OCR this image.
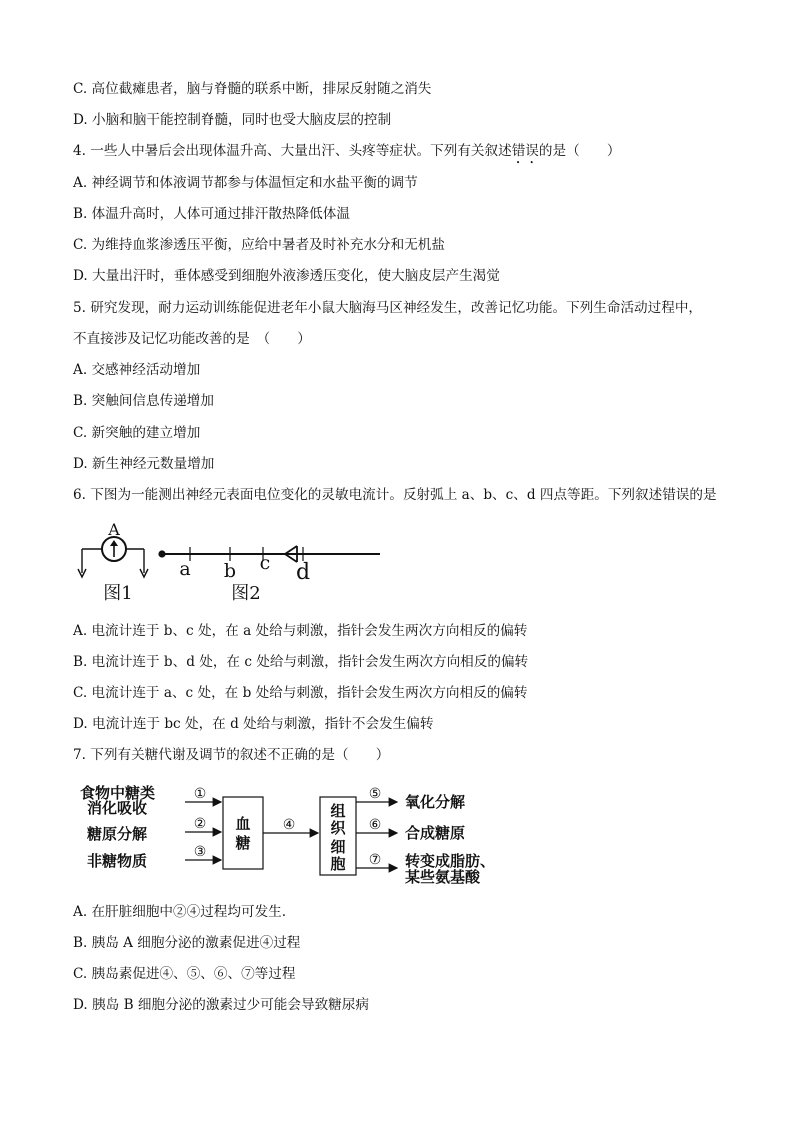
C. 高位截瘫患者，脑与脊髓的联系中断，排尿反射随之消失
D. 小脑和脑干能控制脊髓，同时也受大脑皮层的控制
4. 一些人中暑后会出现体温升高、大量出汗、头疼等症状。下列有关叙述错误的是（　　）
A. 神经调节和体液调节都参与体温恒定和水盐平衡的调节
B. 体温升高时，人体可通过排汗散热降低体温
C. 为维持血浆渗透压平衡，应给中暑者及时补充水分和无机盐
D. 大量出汗时，垂体感受到细胞外液渗透压变化，使大脑皮层产生渴觉
5. 研究发现，耐力运动训练能促进老年小鼠大脑海马区神经发生，改善记忆功能。下列生命活动过程中，
不直接涉及记忆功能改善的是　（　　）
A. 交感神经活动增加
B. 突触间信息传递增加
C. 新突触的建立增加
D. 新生神经元数量增加
6. 下图为一能测出神经元表面电位变化的灵敏电流计。反射弧上 a、b、c、d 四点等距。下列叙述错误的是
A
图1
a b c d
图2
A. 电流计连于 b、c 处，在 a 处给与刺激，指针会发生两次方向相反的偏转
B. 电流计连于 b、d 处，在 c 处给与刺激，指针会发生两次方向相反的偏转
C. 电流计连于 a、c 处，在 b 处给与刺激，指针会发生两次方向相反的偏转
D. 电流计连于 bc 处，在 d 处给与刺激，指针不会发生偏转
7. 下列有关糖代谢及调节的叙述不正确的是（　　）
食物中糖类
消化吸收
糖原分解
非糖物质
①
②
③
血
糖
④
组
织
细
胞
⑤
⑥
⑦
氧化分解
合成糖原
转变成脂肪、
某些氨基酸
A. 在肝脏细胞中②④过程均可发生.
B. 胰岛 A 细胞分泌的激素促进④过程
C. 胰岛素促进④、⑤、⑥、⑦等过程
D. 胰岛 B 细胞分泌的激素过少可能会导致糖尿病
